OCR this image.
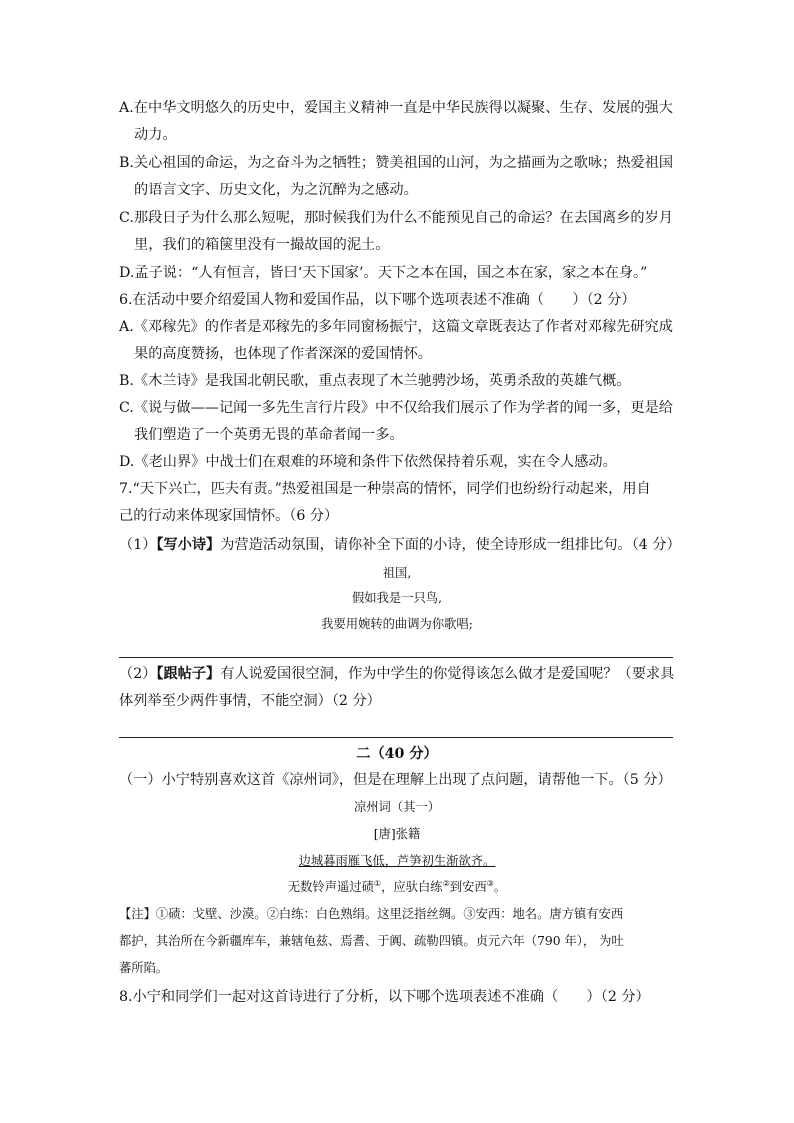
A.在中华文明悠久的历史中，爱国主义精神一直是中华民族得以凝聚、生存、发展的强大
动力。
B.关心祖国的命运，为之奋斗为之牺牲；赞美祖国的山河，为之描画为之歌咏；热爱祖国
的语言文字、历史文化，为之沉醉为之感动。
C.那段日子为什么那么短呢，那时候我们为什么不能预见自己的命运？在去国离乡的岁月
里，我们的箱箧里没有一撮故国的泥土。
D.孟子说：“人有恒言，皆曰‘天下国家’。天下之本在国，国之本在家，家之本在身。”
6.在活动中要介绍爱国人物和爱国作品，以下哪个选项表述不准确（　　）（2 分）
A.《邓稼先》的作者是邓稼先的多年同窗杨振宁，这篇文章既表达了作者对邓稼先研究成
果的高度赞扬，也体现了作者深深的爱国情怀。
B.《木兰诗》是我国北朝民歌，重点表现了木兰驰骋沙场，英勇杀敌的英雄气概。
C.《说与做——记闻一多先生言行片段》中不仅给我们展示了作为学者的闻一多，更是给
我们塑造了一个英勇无畏的革命者闻一多。
D.《老山界》中战士们在艰难的环境和条件下依然保持着乐观，实在令人感动。
7.“天下兴亡，匹夫有责。”热爱祖国是一种崇高的情怀，同学们也纷纷行动起来，用自
己的行动来体现家国情怀。（6 分）
（1）【写小诗】为营造活动氛围，请你补全下面的小诗，使全诗形成一组排比句。（4 分）
祖国,
假如我是一只鸟,
我要用婉转的曲调为你歌唱;
（2）【跟帖子】有人说爱国很空洞，作为中学生的你觉得该怎么做才是爱国呢？（要求具
体列举至少两件事情，不能空洞）（2 分）
二（40 分）
（一）小宁特别喜欢这首《凉州词》，但是在理解上出现了点问题，请帮他一下。（5 分）
凉州词（其一）
[唐]张籍
边城暮雨雁飞低，芦笋初生渐欲齐。
无数铃声遥过碛①，应驮白练②到安西③。
【注】①碛：戈壁、沙漠。②白练：白色熟绢。这里泛指丝绸。③安西：地名。唐方镇有安西
都护，其治所在今新疆库车，兼辖龟兹、焉耆、于阗、疏勒四镇。贞元六年（790 年）， 为吐
蕃所陷。
8.小宁和同学们一起对这首诗进行了分析，以下哪个选项表述不准确（　　）（2 分）
